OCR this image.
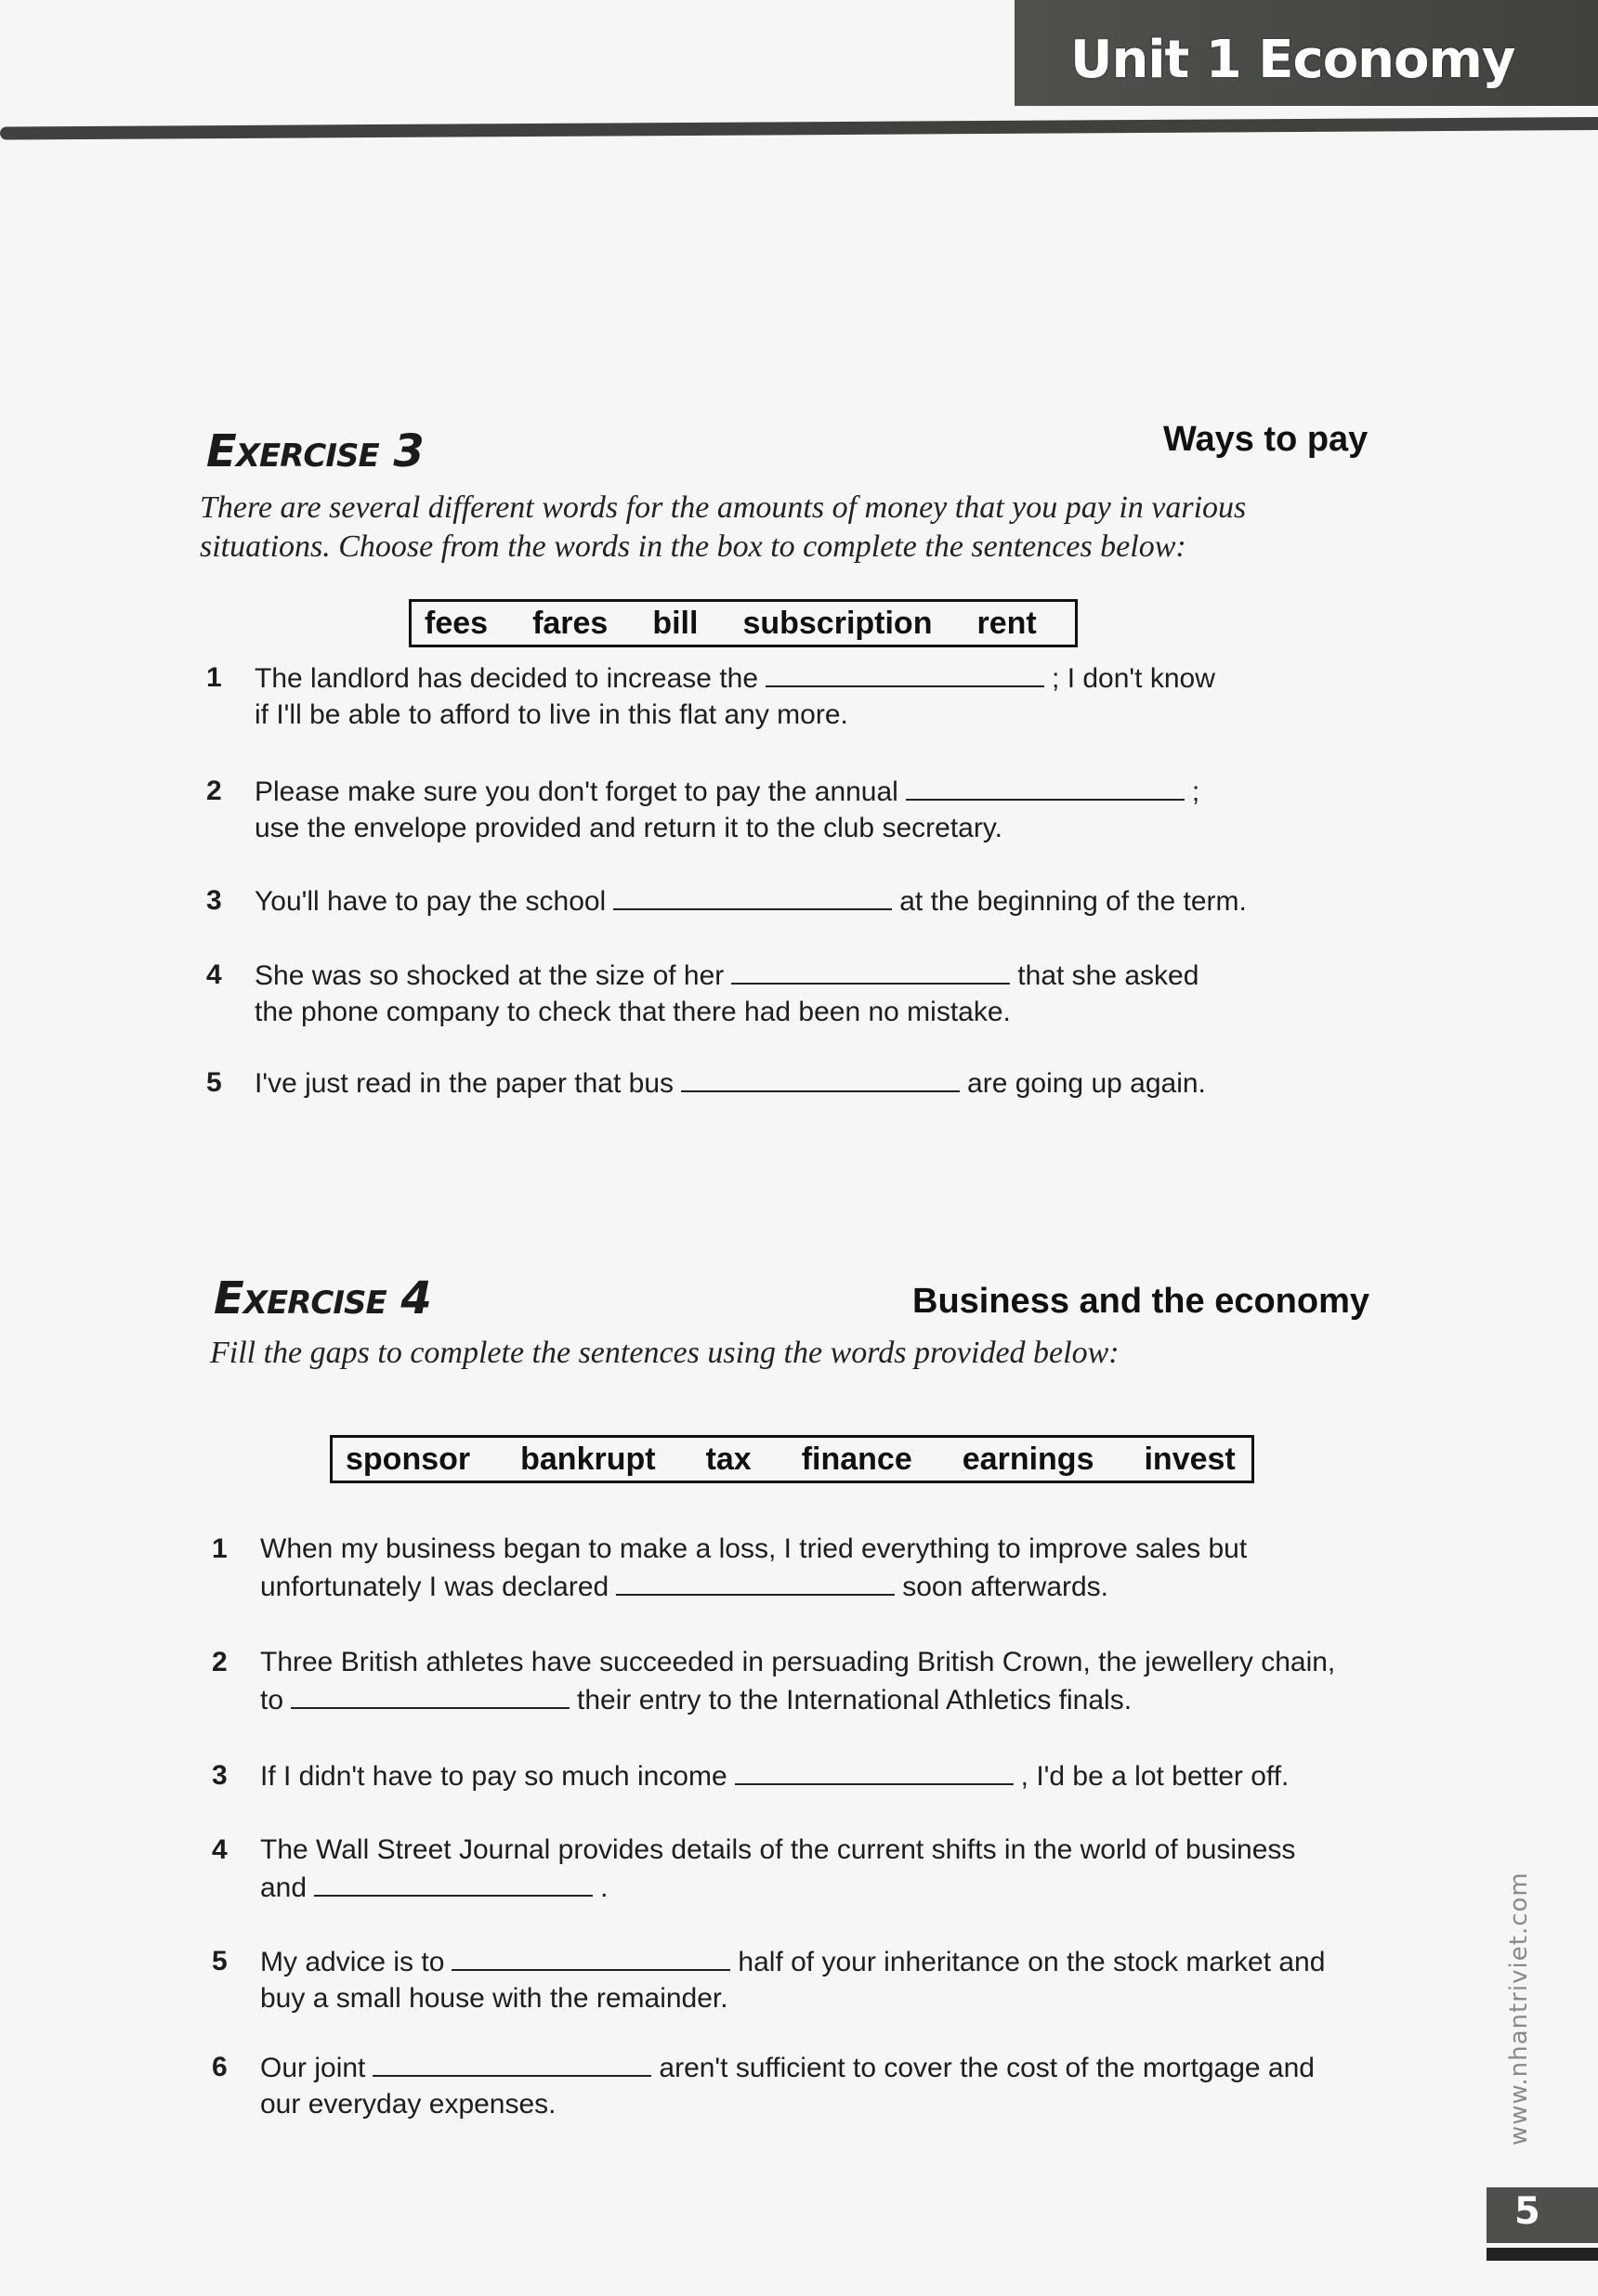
Unit 1 Economy
Exercise 3	Ways to pay
There are several different words for the amounts of money that you pay in various
situations. Choose from the words in the box to complete the sentences below:
fees fares bill subscription rent
1 The landlord has decided to increase the	; I don't know
if I'll be able to afford to live in this flat any more.
2 Please make sure you don't forget to pay the annual	;
use the envelope provided and return it to the club secretary.
3 You'll have to pay the school	at the beginning of the term.
4 She was so shocked at the size of her	that she asked
the phone company to check that there had been no mistake.
5 I've just read in the paper that bus	are going up again.
Exercise 4	Business and the economy
Fill the gaps to complete the sentences using the words provided below:
sponsor bankrupt tax finance earnings invest
1 When my business began to make a loss, I tried everything to improve sales but
unfortunately I was declared	soon afterwards.
2 Three British athletes have succeeded in persuading British Crown, the jewellery chain,
to	their entry to the International Athletics finals.
3 If I didn't have to pay so much income	, I'd be a lot better off.
4 The Wall Street Journal provides details of the current shifts in the world of business
and	.
5 My advice is to	half of your inheritance on the stock market and
buy a small house with the remainder.
6 Our joint	aren't sufficient to cover the cost of the mortgage and
our everyday expenses.	www.nhantriviet.com
5
